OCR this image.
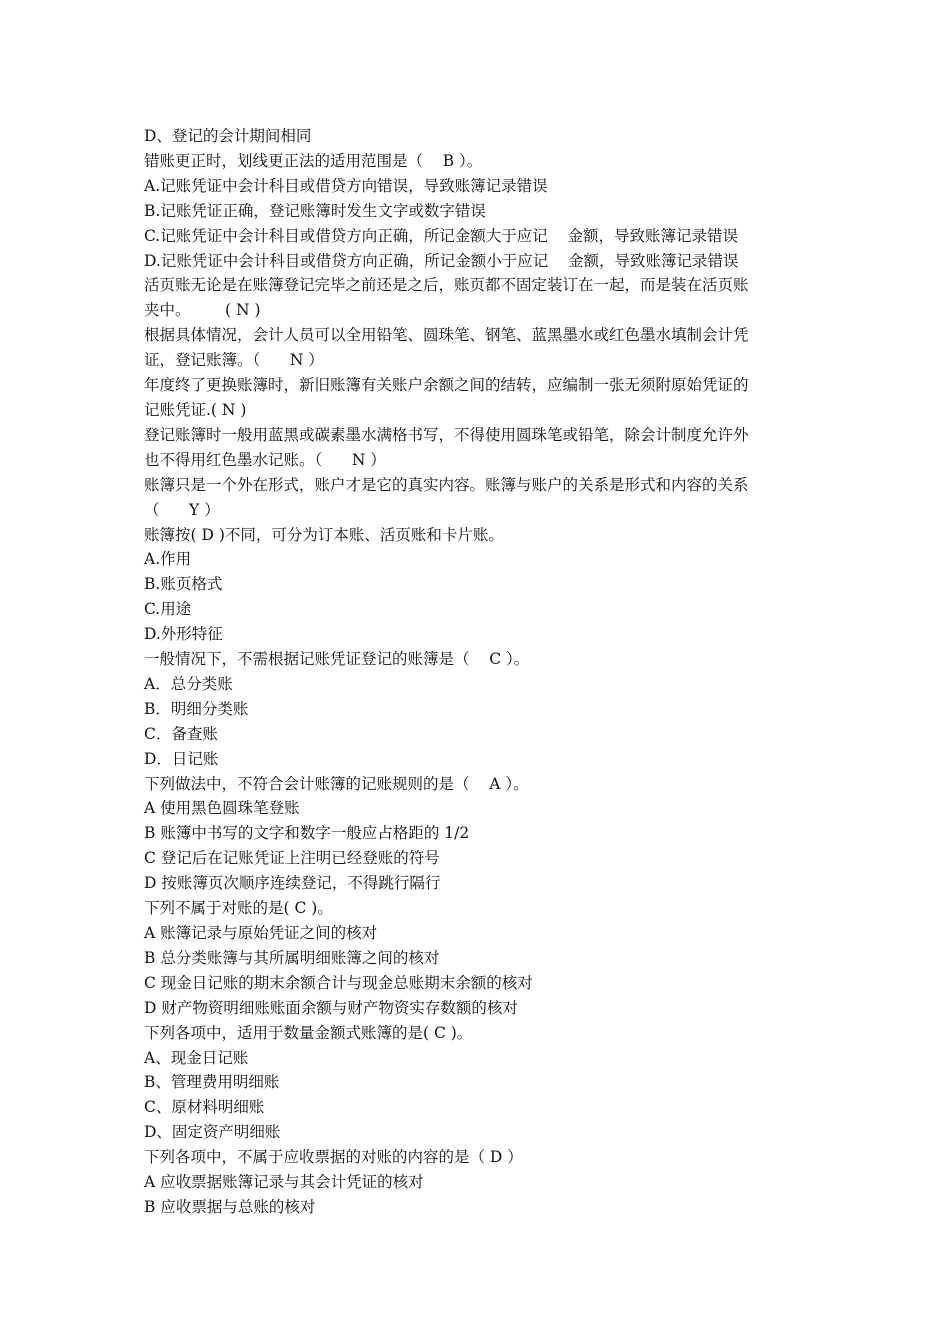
D、登记的会计期间相同

错账更正时，划线更正法的适用范围是（    B ）。

A.记账凭证中会计科目或借贷方向错误，导致账簿记录错误

B.记账凭证正确，登记账簿时发生文字或数字错误

C.记账凭证中会计科目或借贷方向正确，所记金额大于应记    金额，导致账簿记录错误

D.记账凭证中会计科目或借贷方向正确，所记金额小于应记    金额，导致账簿记录错误

活页账无论是在账簿登记完毕之前还是之后，账页都不固定装订在一起，而是装在活页账

夹中。       ( N )

根据具体情况，会计人员可以全用铅笔、圆珠笔、钢笔、蓝黑墨水或红色墨水填制会计凭

证，登记账簿。（      N ）

年度终了更换账簿时，新旧账簿有关账户余额之间的结转，应编制一张无须附原始凭证的

记账凭证.( N )

登记账簿时一般用蓝黑或碳素墨水满格书写，不得使用圆珠笔或铅笔，除会计制度允许外

也不得用红色墨水记账。（      N ）

账簿只是一个外在形式，账户才是它的真实内容。账簿与账户的关系是形式和内容的关系

（      Y ）

账簿按( D )不同，可分为订本账、活页账和卡片账。

A.作用

B.账页格式

C.用途

D.外形特征

一般情况下，不需根据记账凭证登记的账簿是（    C ）。

A．总分类账

B．明细分类账

C．备查账

D．日记账

下列做法中，不符合会计账簿的记账规则的是（    A ）。

A 使用黑色圆珠笔登账

B 账簿中书写的文字和数字一般应占格距的 1/2

C 登记后在记账凭证上注明已经登账的符号

D 按账簿页次顺序连续登记，不得跳行隔行

下列不属于对账的是( C )。

A 账簿记录与原始凭证之间的核对

B 总分类账簿与其所属明细账簿之间的核对

C 现金日记账的期末余额合计与现金总账期末余额的核对

D 财产物资明细账账面余额与财产物资实存数额的核对

下列各项中，适用于数量金额式账簿的是( C )。

A、现金日记账

B、管理费用明细账

C、原材料明细账

D、固定资产明细账

下列各项中，不属于应收票据的对账的内容的是（ D ）

A 应收票据账簿记录与其会计凭证的核对

B 应收票据与总账的核对
